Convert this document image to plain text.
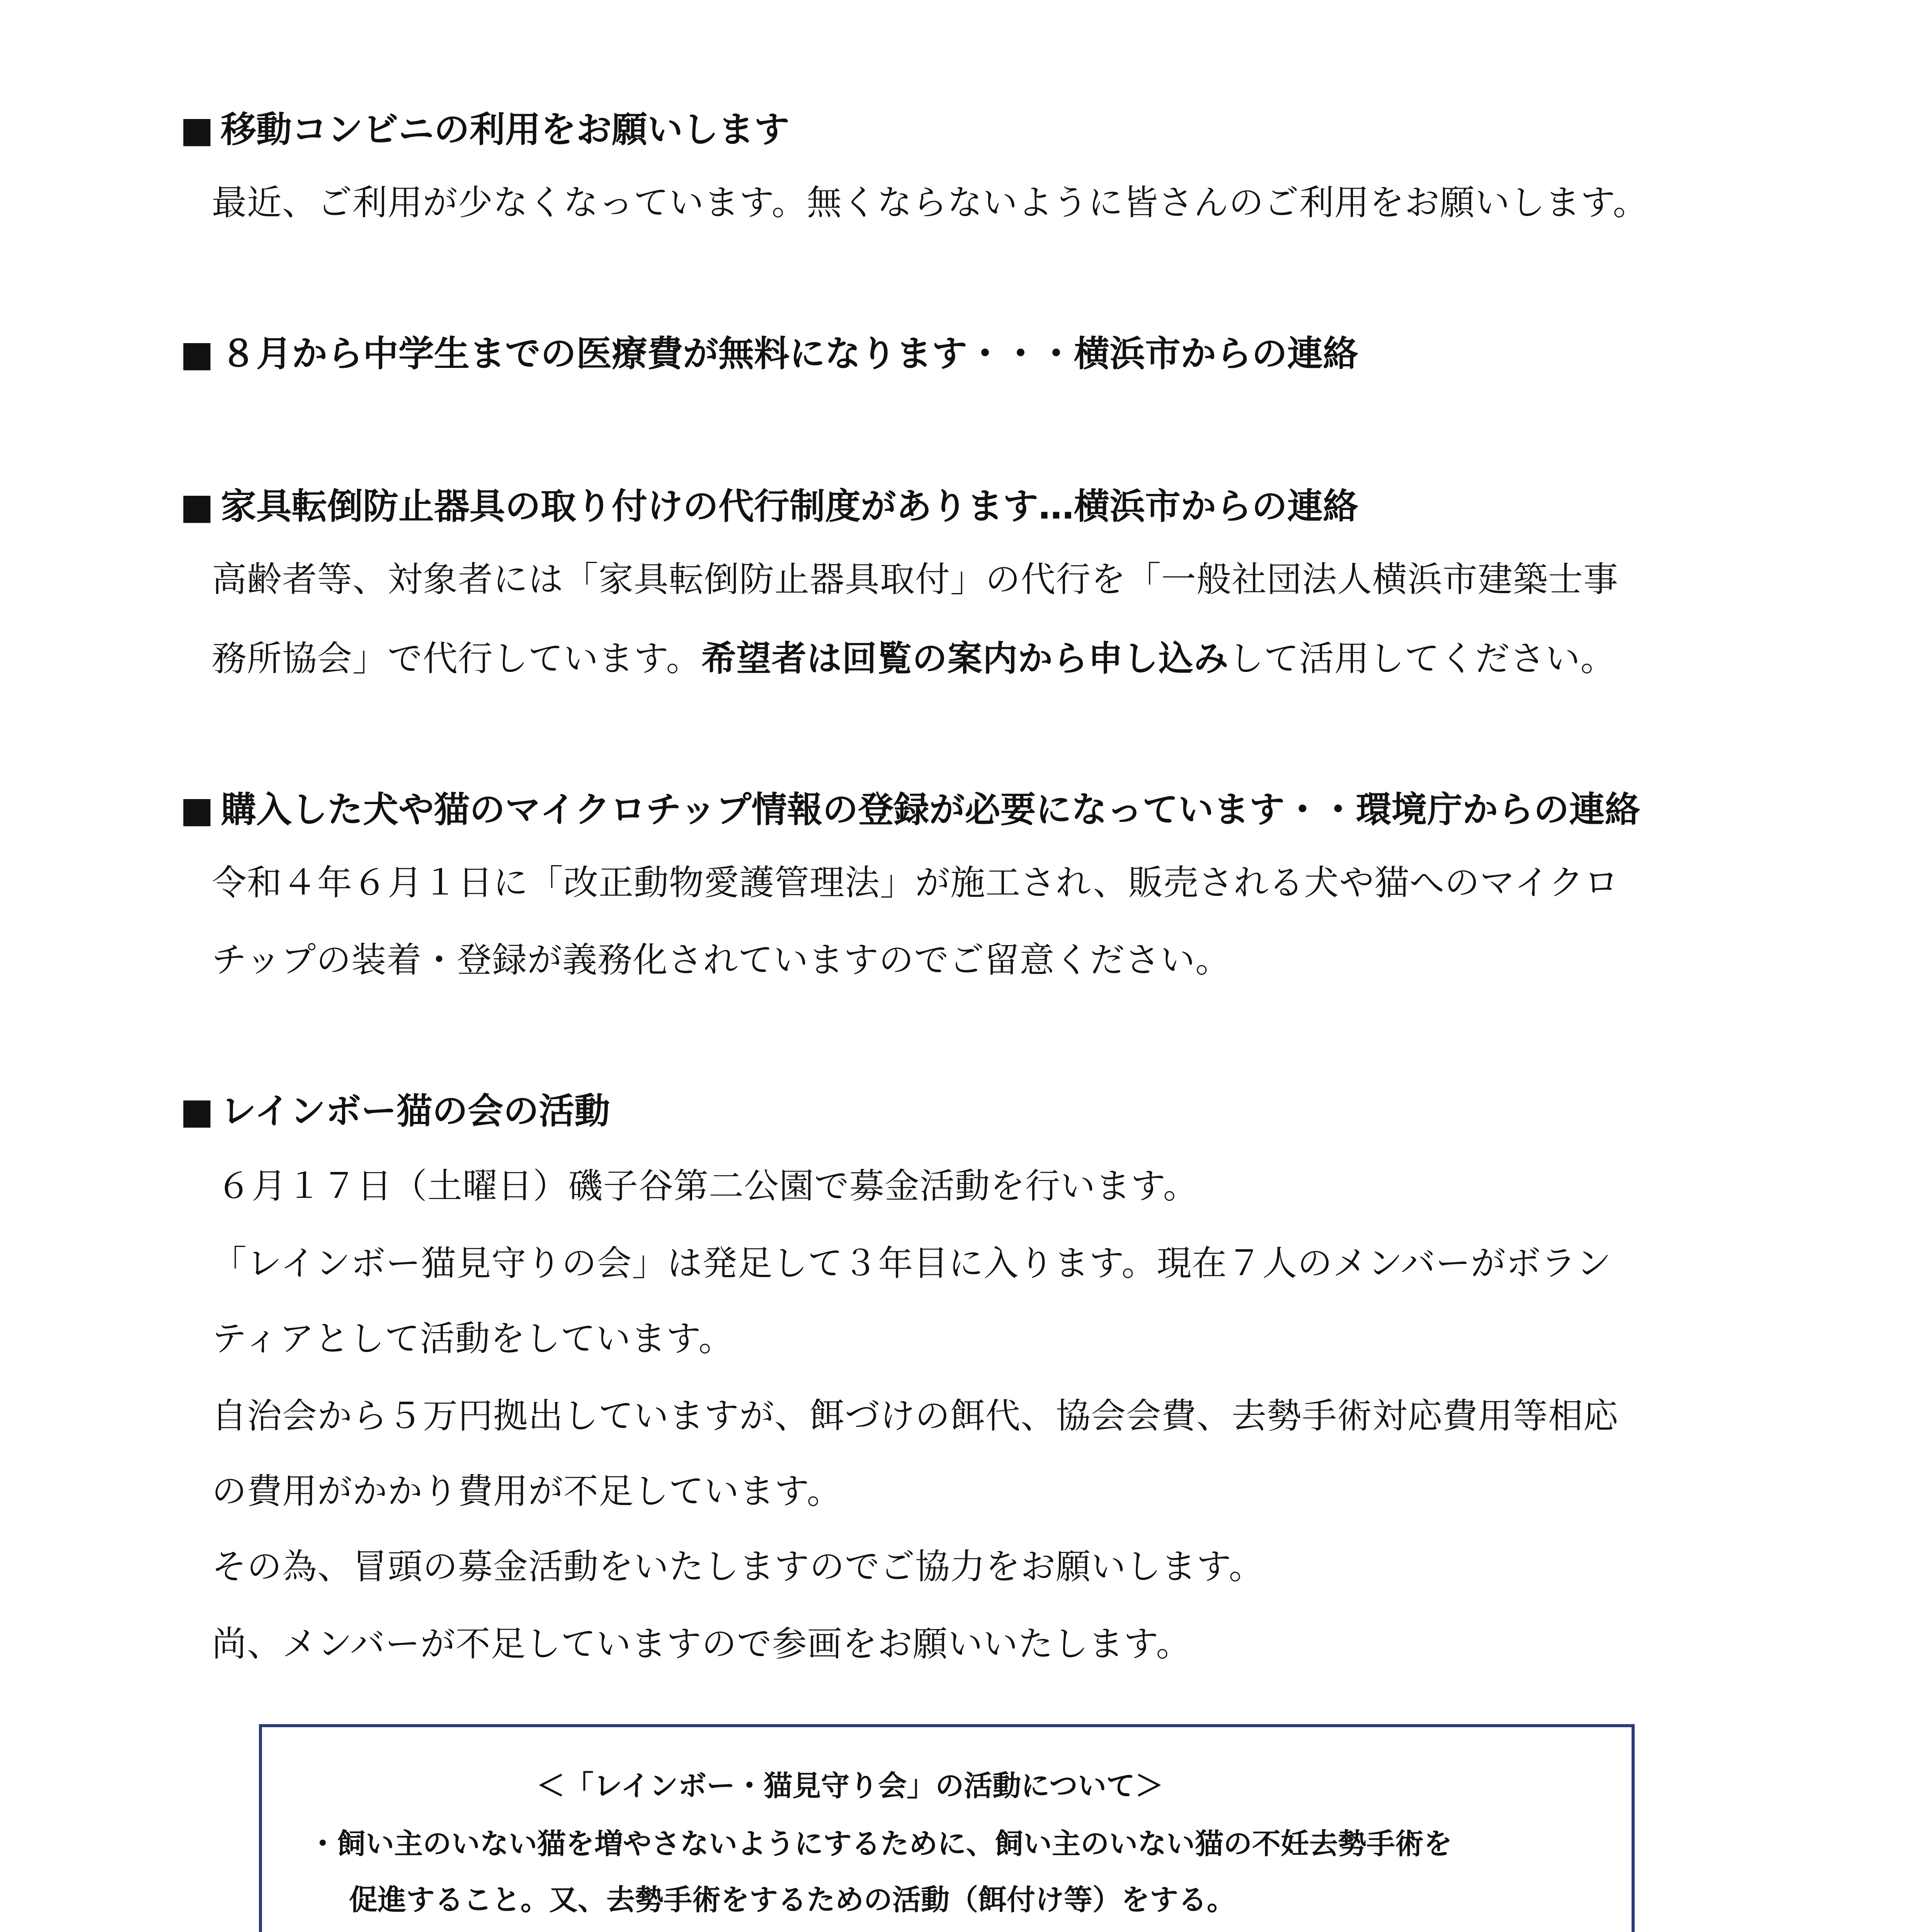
■ 移動コンビニの利用をお願いします
最近、ご利用が少なくなっています。無くならないように皆さんのご利用をお願いします。
■ ８月から中学生までの医療費が無料になります・・・横浜市からの連絡
■ 家具転倒防止器具の取り付けの代行制度があります…横浜市からの連絡
高齢者等、対象者には「家具転倒防止器具取付」の代行を「一般社団法人横浜市建築士事
務所協会」で代行しています。希望者は回覧の案内から申し込みして活用してください。
■ 購入した犬や猫のマイクロチップ情報の登録が必要になっています・・環境庁からの連絡
令和４年６月１日に「改正動物愛護管理法」が施工され、販売される犬や猫へのマイクロ
チップの装着・登録が義務化されていますのでご留意ください。
■ レインボー猫の会の活動
６月１７日（土曜日）磯子谷第二公園で募金活動を行います。
「レインボー猫見守りの会」は発足して３年目に入ります。現在７人のメンバーがボラン
ティアとして活動をしています。
自治会から５万円拠出していますが、餌づけの餌代、協会会費、去勢手術対応費用等相応
の費用がかかり費用が不足しています。
その為、冒頭の募金活動をいたしますのでご協力をお願いします。
尚、メンバーが不足していますので参画をお願いいたします。
＜「レインボー・猫見守り会」の活動について＞
・飼い主のいない猫を増やさないようにするために、飼い主のいない猫の不妊去勢手術を
促進すること。又、去勢手術をするための活動（餌付け等）をする。
